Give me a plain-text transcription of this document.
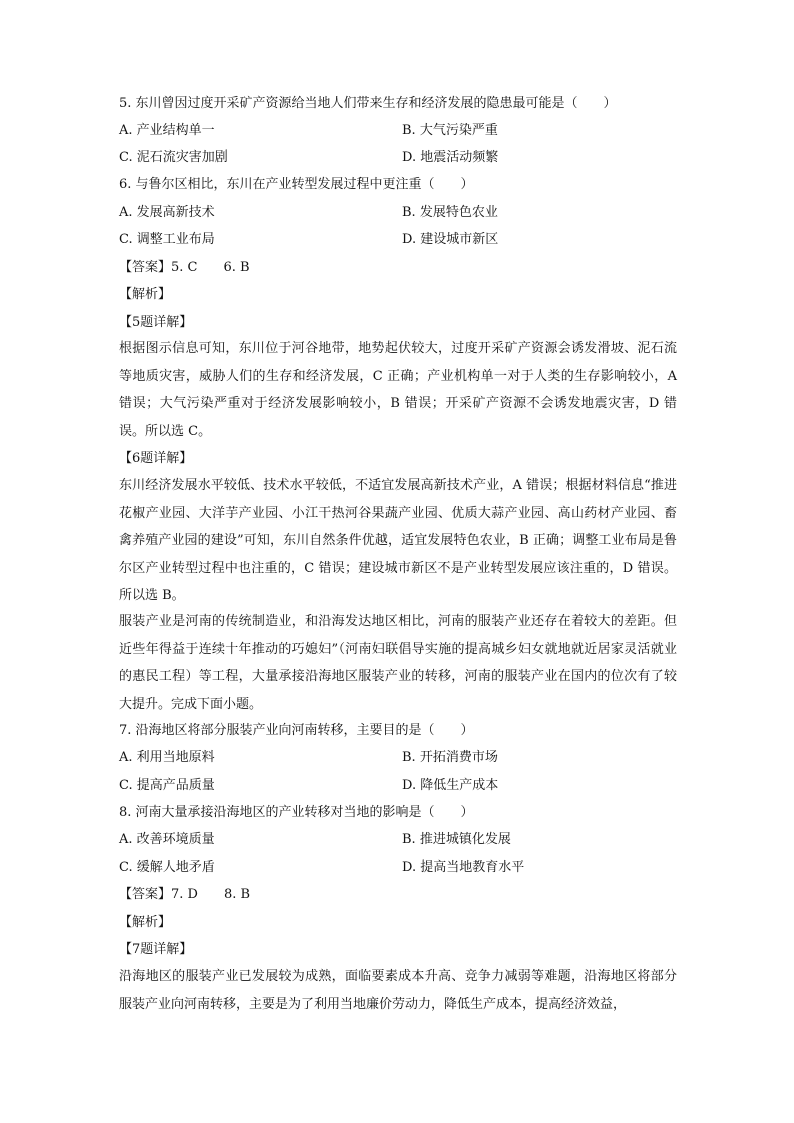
5. 东川曾因过度开采矿产资源给当地人们带来生存和经济发展的隐患最可能是（　　）
A. 产业结构单一	B. 大气污染严重
C. 泥石流灾害加剧	D. 地震活动频繁
6. 与鲁尔区相比，东川在产业转型发展过程中更注重（　　）
A. 发展高新技术	B. 发展特色农业
C. 调整工业布局	D. 建设城市新区
【答案】5. C　　6. B
【解析】
【5题详解】
根据图示信息可知，东川位于河谷地带，地势起伏较大，过度开采矿产资源会诱发滑坡、泥石流等地质灾害，威胁人们的生存和经济发展，C 正确；产业机构单一对于人类的生存影响较小，A 错误；大气污染严重对于经济发展影响较小，B 错误；开采矿产资源不会诱发地震灾害，D 错误。所以选 C。
【6题详解】
东川经济发展水平较低、技术水平较低，不适宜发展高新技术产业，A 错误；根据材料信息“推进花椒产业园、大洋芋产业园、小江干热河谷果蔬产业园、优质大蒜产业园、高山药材产业园、畜禽养殖产业园的建设”可知，东川自然条件优越，适宜发展特色农业，B 正确；调整工业布局是鲁尔区产业转型过程中也注重的，C 错误；建设城市新区不是产业转型发展应该注重的，D 错误。所以选 B。
服装产业是河南的传统制造业，和沿海发达地区相比，河南的服装产业还存在着较大的差距。但近些年得益于连续十年推动的巧媳妇”（河南妇联倡导实施的提高城乡妇女就地就近居家灵活就业的惠民工程）等工程，大量承接沿海地区服装产业的转移，河南的服装产业在国内的位次有了较大提升。完成下面小题。
7. 沿海地区将部分服装产业向河南转移，主要目的是（　　）
A. 利用当地原料	B. 开拓消费市场
C. 提高产品质量	D. 降低生产成本
8. 河南大量承接沿海地区的产业转移对当地的影响是（　　）
A. 改善环境质量	B. 推进城镇化发展
C. 缓解人地矛盾	D. 提高当地教育水平
【答案】7. D　　8. B
【解析】
【7题详解】
沿海地区的服装产业已发展较为成熟，面临要素成本升高、竞争力减弱等难题，沿海地区将部分服装产业向河南转移，主要是为了利用当地廉价劳动力，降低生产成本，提高经济效益，
